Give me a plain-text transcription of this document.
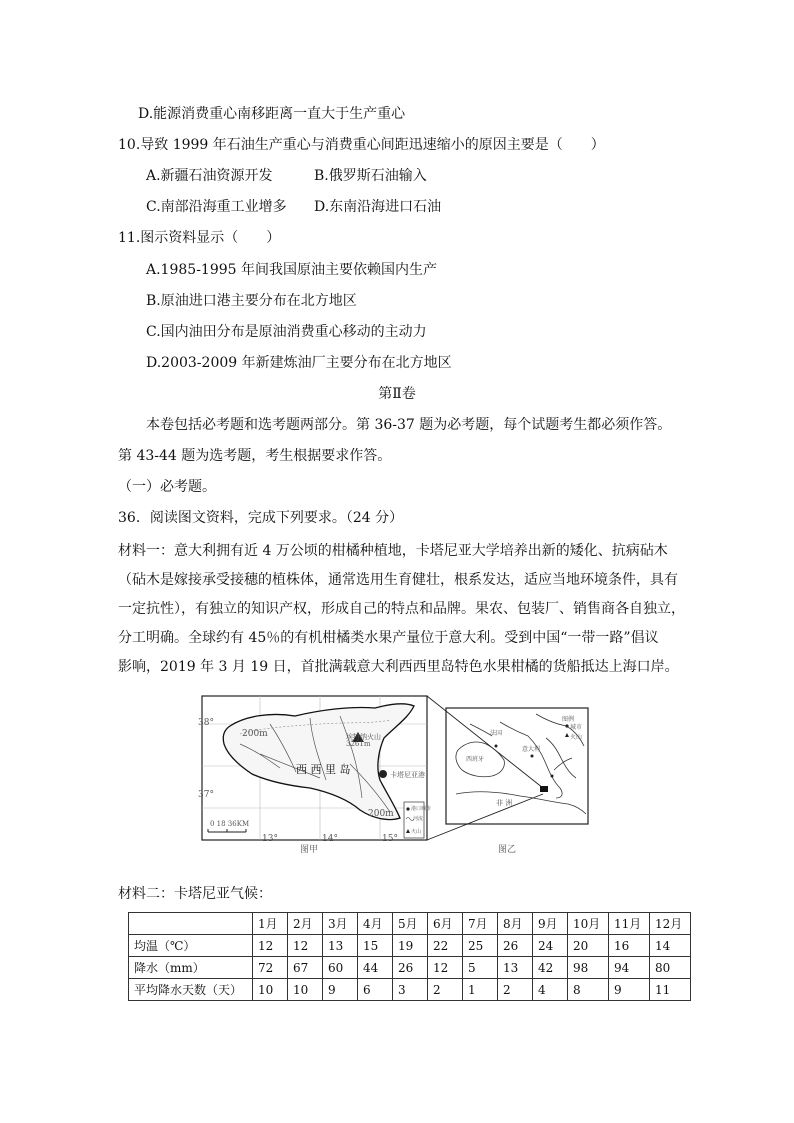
D.能源消费重心南移距离一直大于生产重心
10.导致 1999 年石油生产重心与消费重心间距迅速缩小的原因主要是（　　）
A.新疆石油资源开发	B.俄罗斯石油输入
C.南部沿海重工业增多 D.东南沿海进口石油
11.图示资料显示（　　）
A.1985-1995 年间我国原油主要依赖国内生产
B.原油进口港主要分布在北方地区
C.国内油田分布是原油消费重心移动的主动力
D.2003-2009 年新建炼油厂主要分布在北方地区
第Ⅱ卷
本卷包括必考题和选考题两部分。第 36-37 题为必考题，每个试题考生都必须作答。
第 43-44 题为选考题，考生根据要求作答。
（一）必考题。
36．阅读图文资料，完成下列要求。（24 分）
材料一：意大利拥有近 4 万公顷的柑橘种植地，卡塔尼亚大学培养出新的矮化、抗病砧木
（砧木是嫁接承受接穗的植株体，通常选用生育健壮，根系发达，适应当地环境条件，具有
一定抗性），有独立的知识产权，形成自己的特点和品牌。果农、包装厂、销售商各自独立，
分工明确。全球约有 45％的有机柑橘类水果产量位于意大利。受到中国“一带一路”倡议
影响，2019 年 3 月 19 日，首批满载意大利西西里岛特色水果柑橘的货船抵达上海口岸。
38°
37°
13°	14°	15°
200m
200m
西 西 里 岛
埃特纳火山
3261m
卡塔尼亚港
0 18 36KM
港口城市
河流
火山
图例
城市
火山
法国
西班牙
非 洲
意大利
图甲	图乙
材料二：卡塔尼亚气候：
	1月	2月	3月	4月	5月	6月	7月	8月	9月	10月	11月	12月
均温（℃）	12	12	13	15	19	22	25	26	24	20	16	14
降水（mm）	72	67	60	44	26	12	5	13	42	98	94	80
平均降水天数（天）	10	10	9	6	3	2	1	2	4	8	9	11
